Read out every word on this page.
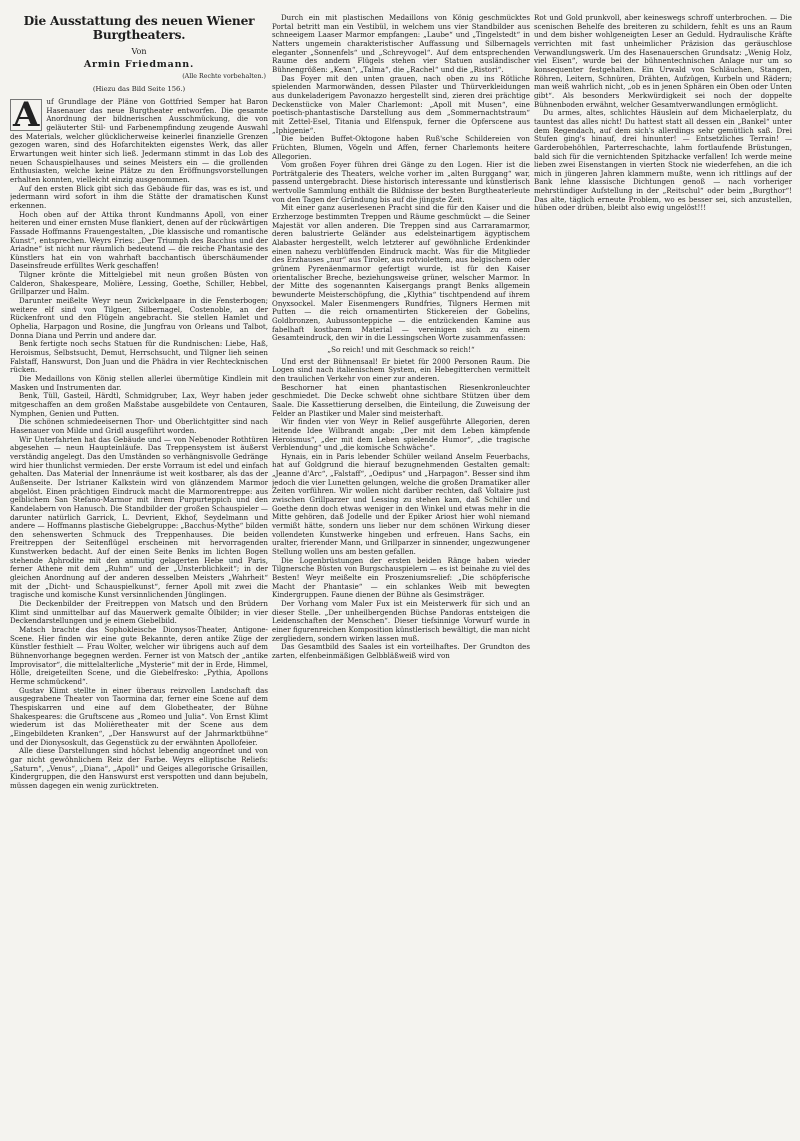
Die Ausstattung des neuen Wiener Burgtheaters.
Von
Armin Friedmann.
(Alle Rechte vorbehalten.)
(Hiezu das Bild Seite 156.)

A uf Grundlage der Pläne von Gottfried Semper hat Baron Hasenauer das neue Burgtheater entworfen. Die gesamte Anordnung der bildnerischen Ausschmückung, die von geläuterter Stil- und Farbenempfindung zeugende Auswahl des Materials, welcher glücklicherweise keinerlei finanzielle Grenzen gezogen waren, sind des Hofarchitekten eigenstes Werk, das aller Erwartungen weit hinter sich ließ. Jedermann stimmt in das Lob des neuen Schauspielhauses und seines Meisters ein — die grollenden Enthusiasten, welche keine Plätze zu den Eröffnungsvorstellungen erhalten konnten, vielleicht einzig ausgenommen.

Auf den ersten Blick gibt sich das Gebäude für das, was es ist, und jedermann wird sofort in ihm die Stätte der dramatischen Kunst erkennen.

Hoch oben auf der Attika thront Kundmanns Apoll, von einer heiteren und einer ernsten Muse flankiert, denen auf der rückwärtigen Fassade Hoffmanns Frauengestalten, „Die klassische und romantische Kunst“, entsprechen. Weyrs Fries: „Der Triumph des Bacchus und der Ariadne“ ist nicht nur räumlich bedeutend — die reiche Phantasie des Künstlers hat ein von wahrhaft bacchantisch überschäumender Daseinsfreude erfülltes Werk geschaffen!

Tilgner krönte die Mittelgiebel mit neun großen Büsten von Calderon, Shakespeare, Molière, Lessing, Goethe, Schiller, Hebbel, Grillparzer und Halm.

Darunter meißelte Weyr neun Zwickelpaare in die Fensterbogen; weitere elf sind von Tilgner, Silbernagel, Costenoble, an der Rückenfront und den Flügeln angebracht. Sie stellen Hamlet und Ophelia, Harpagon und Rosine, die Jungfrau von Orleans und Talbot, Donna Diana und Perrin und andere dar.

Benk fertigte noch sechs Statuen für die Rundnischen: Liebe, Haß, Heroismus, Selbstsucht, Demut, Herrschsucht, und Tilgner lieh seinen Falstaff, Hanswurst, Don Juan und die Phädra in vier Rechtecknischen rücken.

Die Medaillons von König stellen allerlei übermütige Kindlein mit Masken und Instrumenten dar.

Benk, Tüll, Gasteil, Härdtl, Schmidgruber, Lax, Weyr haben jeder mitgeschaffen an dem großen Maßstabe ausgebildete von Centauren, Nymphen, Genien und Putten.

Die schönen schmiedeeisernen Thor- und Oberlichtgitter sind nach Hasenauer von Milde und Gridl ausgeführt worden.

Wir Unterfahrten hat das Gebäude und — von Nebenoder Rothtüren abgesehen — neun Haupteinläufe. Das Treppensystem ist äußerst verständig angelegt. Das den Umständen so verhängnisvolle Gedränge wird hier thunlichst vermieden. Der erste Vorraum ist edel und einfach gehalten. Das Material der Innenräume ist weit kostbarer, als das der Außenseite. Der Istrianer Kalkstein wird von glänzendem Marmor abgelöst. Einen prächtigen Eindruck macht die Marmorentreppe: aus gelblichem San Stefano-Marmor mit ihrem Purpurteppich und den Kandelabern von Hanusch. Die Standbilder der großen Schauspieler — darunter natürlich Garrick, L. Devrient, Ekhof, Seydelmann und andere — Hoffmanns plastische Giebelgruppe: „Bacchus-Mythe“ bilden den sehenswerten Schmuck des Treppenhauses. Die beiden Freitreppen der Seitenflügel erscheinen mit hervorragenden Kunstwerken bedacht. Auf der einen Seite Benks im lichten Bogen stehende Aphrodite mit den anmutig gelagerten Hebe und Paris, ferner Athene mit dem „Ruhm“ und der „Unsterblichkeit“; in der gleichen Anordnung auf der anderen desselben Meisters „Wahrheit“ mit der „Dicht- und Schauspielkunst“, ferner Apoll mit zwei die tragische und komische Kunst versinnlichenden Jünglingen.

Die Deckenbilder der Freitreppen von Matsch und den Brüdern Klimt sind unmittelbar auf das Mauerwerk gemalte Ölbilder; in vier Deckendarstellungen und je einem Giebelbild.

Matsch brachte das Sophokleische Dionysos-Theater, Antigone-Scene. Hier finden wir eine gute Bekannte, deren antike Züge der Künstler festhielt — Frau Wolter, welcher wir übrigens auch auf dem Bühnenvorhange begegnen werden. Ferner ist von Matsch der „antike Improvisator“, die mittelalterliche „Mysterie“ mit der in Erde, Himmel, Hölle, dreigeteilten Scene, und die Giebelfresko: „Pythia, Apollons Herme schmückend“.

Gustav Klimt stellte in einer überaus reizvollen Landschaft das ausgegrabene Theater von Taormina dar, ferner eine Scene auf dem Thespiskarren und eine auf dem Globetheater, der Bühne Shakespeares: die Gruftscene aus „Romeo und Julia“. Von Ernst Klimt wiederum ist das Molièretheater mit der Scene aus dem „Eingebildeten Kranken“, „Der Hanswurst auf der Jahrmarktbühne“ und der Dionysoskult, das Gegenstück zu der erwähnten Apollofeier.

Alle diese Darstellungen sind höchst lebendig angeordnet und von gar nicht gewöhnlichem Reiz der Farbe. Weyrs elliptische Reliefs: „Saturn“, „Venus“, „Diana“, „Apoll“ und Geiges allegorische Grisaillen, Kindergruppen, die den Hanswurst erst verspotten und dann bejubeln, müssen dagegen ein wenig zurücktreten.

Durch ein mit plastischen Medaillons von König geschmücktes Portal betritt man ein Vestibül, in welchem uns vier Standbilder aus schneeigem Laaser Marmor empfangen: „Laube“ und „Tingelstedt“ in Natters ungemein charakteristischer Auffassung und Silbernagels eleganter „Sonnenfels“ und „Schreyvogel“. Auf dem entsprechenden Raume des andern Flügels stehen vier Statuen ausländischer Bühnengrößen: „Kean“, „Talma“, die „Rachel“ und die „Ristori“.

Das Foyer mit den unten grauen, nach oben zu ins Rötliche spielenden Marmorwänden, dessen Pilaster und Thürverkleidungen aus dunkeladerigem Pavonazzo hergestellt sind, zieren drei prächtige Deckenstücke von Maler Charlemont: „Apoll mit Musen“, eine poetisch-phantastische Darstellung aus dem „Sommernachtstraum“ mit Zettel-Esel, Titania und Elfenspuk, ferner die Opferscene aus „Iphigenie“.

Die beiden Buffet-Oktogone haben Ruß'sche Schildereien von Früchten, Blumen, Vögeln und Affen, ferner Charlemonts heitere Allegorien.

Vom großen Foyer führen drei Gänge zu den Logen. Hier ist die Porträtgalerie des Theaters, welche vorher im „alten Burggang“ war, passend untergebracht. Diese historisch interessante und künstlerisch wertvolle Sammlung enthält die Bildnisse der besten Burgtheaterleute von den Tagen der Gründung bis auf die jüngste Zeit.

Mit einer ganz auserlesenen Pracht sind die für den Kaiser und die Erzherzoge bestimmten Treppen und Räume geschmückt — die Seiner Majestät vor allen anderen. Die Treppen sind aus Carraramarmor, deren balustrierte Geländer aus edelsteinartigem ägyptischem Alabaster hergestellt, welch letzterer auf gewöhnliche Erdenkinder einen nahezu verblüffenden Eindruck macht. Was für die Mitglieder des Erzhauses „nur“ aus Tiroler, aus rotviolettem, aus belgischem oder grünem Pyrenäenmarmor gefertigt wurde, ist für den Kaiser orientalischer Breche, beziehungsweise grüner, welscher Marmor. In der Mitte des sogenannten Kaisergangs prangt Benks allgemein bewunderte Meisterschöpfung, die „Klythia“ tischtpendend auf ihrem Onyxsockel. Maler Eisenmengers Rundfries, Tilgners Hermen mit Putten — die reich ornamentirten Stickereien der Gobelins, Goldbronzen, Aubussonteppiche — die entzückenden Kamine aus fabelhaft kostbarem Material — vereinigen sich zu einem Gesamteindruck, den wir in die Lessingschen Worte zusammenfassen:

„So reich! und mit Geschmack so reich!“

Und erst der Bühnensaal! Er bietet für 2000 Personen Raum. Die Logen sind nach italienischem System, ein Hebegitterchen vermittelt den traulichen Verkehr von einer zur anderen.

Beschorner hat einen phantastischen Riesenkronleuchter geschmiedet. Die Decke schwebt ohne sichtbare Stützen über dem Saale. Die Kassettierung derselben, die Einteilung, die Zuweisung der Felder an Plastiker und Maler sind meisterhaft.

Wir finden vier von Weyr in Relief ausgeführte Allegorien, deren leitende Idee Wilbrandt angab: „Der mit dem Leben kämpfende Heroismus“, „der mit dem Leben spielende Humor“, „die tragische Verblendung“ und „die komische Schwäche“.

Hynais, ein in Paris lebender Schüler weiland Anselm Feuerbachs, hat auf Goldgrund die hierauf bezugnehmenden Gestalten gemalt: „Jeanne d'Arc“, „Falstaff“, „Oedipus“ und „Harpagon“. Besser sind ihm jedoch die vier Lunetten gelungen, welche die großen Dramatiker aller Zeiten vorführen. Wir wollen nicht darüber rechten, daß Voltaire just zwischen Grillparzer und Lessing zu stehen kam, daß Schiller und Goethe denn doch etwas weniger in den Winkel und etwas mehr in die Mitte gehören, daß Jodelle und der Epiker Ariost hier wohl niemand vermißt hätte, sondern uns lieber nur dem schönen Wirkung dieser vollendeten Kunstwerke hingeben und erfreuen. Hans Sachs, ein uralter, frierender Mann, und Grillparzer in sinnender, ungezwungener Stellung wollen uns am besten gefallen.

Die Logenbrüstungen der ersten beiden Ränge haben wieder Tilgnersche Büsten von Burgschauspielern — es ist beinahe zu viel des Besten! Weyr meißelte ein Proszeniumsrelief: „Die schöpferische Macht der Phantasie“ — ein schlankes Weib mit bewegten Kindergruppen. Faune dienen der Bühne als Gesimsträger.

Der Vorhang vom Maler Fux ist ein Meisterwerk für sich und an dieser Stelle. „Der unheilbergenden Büchse Pandoras entsteigen die Leidenschaften der Menschen“. Dieser tiefsinnige Vorwurf wurde in einer figurenreichen Komposition künstlerisch bewältigt, die man nicht zergliedern, sondern wirken lassen muß.

Das Gesamtbild des Saales ist ein vorteilhaftes. Der Grundton des zarten, elfenbeinmäßigen Gelbbläßweiß wird von

Rot und Gold prunkvoll, aber keineswegs schroff unterbrochen. — Die scenischen Behelfe des breiteren zu schildern, fehlt es uns an Raum und dem bisher wohlgeneigten Leser an Geduld. Hydraulische Kräfte verrichten mit fast unheimlicher Präzision das geräuschlose Verwandlungswerk. Um des Hasenauerschen Grundsatz: „Wenig Holz, viel Eisen“, wurde bei der bühnentechnischen Anlage nur um so konsequenter festgehalten. Ein Urwald von Schläuchen, Stangen, Röhren, Leitern, Schnüren, Drähten, Aufzügen, Kurbeln und Rädern; man weiß wahrlich nicht, „ob es in jenen Sphären ein Oben oder Unten gibt“. Als besonders Merkwürdigkeit sei noch der doppelte Bühnenboden erwähnt, welcher Gesamtverwandlungen ermöglicht.

Du armes, altes, schlichtes Häuslein auf dem Michaelerplatz, du tauntest das alles nicht! Du hattest statt all dessen ein „Bankel“ unter dem Regendach, auf dem sich's allerdings sehr gemütlich saß. Drei Stufen ging's hinauf, drei hinunter! — Entsetzliches Terrain! — Garderobehöhlen, Parterreschachte, lahm fortlaufende Brüstungen, bald sich für die vernichtenden Spitzhacke verfallen! Ich werde meine lieben zwei Eisenstangen in vierten Stock nie wiederfehen, an die ich mich in jüngeren Jahren klammern mußte, wenn ich rittlings auf der Bank lehne klassische Dichtungen genoß — nach vorheriger mehrstündiger Aufstellung in der „Reitschul“ oder beim „Burgthor“! Das alte, täglich erneute Problem, wo es besser sei, sich anzustellen, hüben oder drüben, bleibt also ewig ungelöst!!!
